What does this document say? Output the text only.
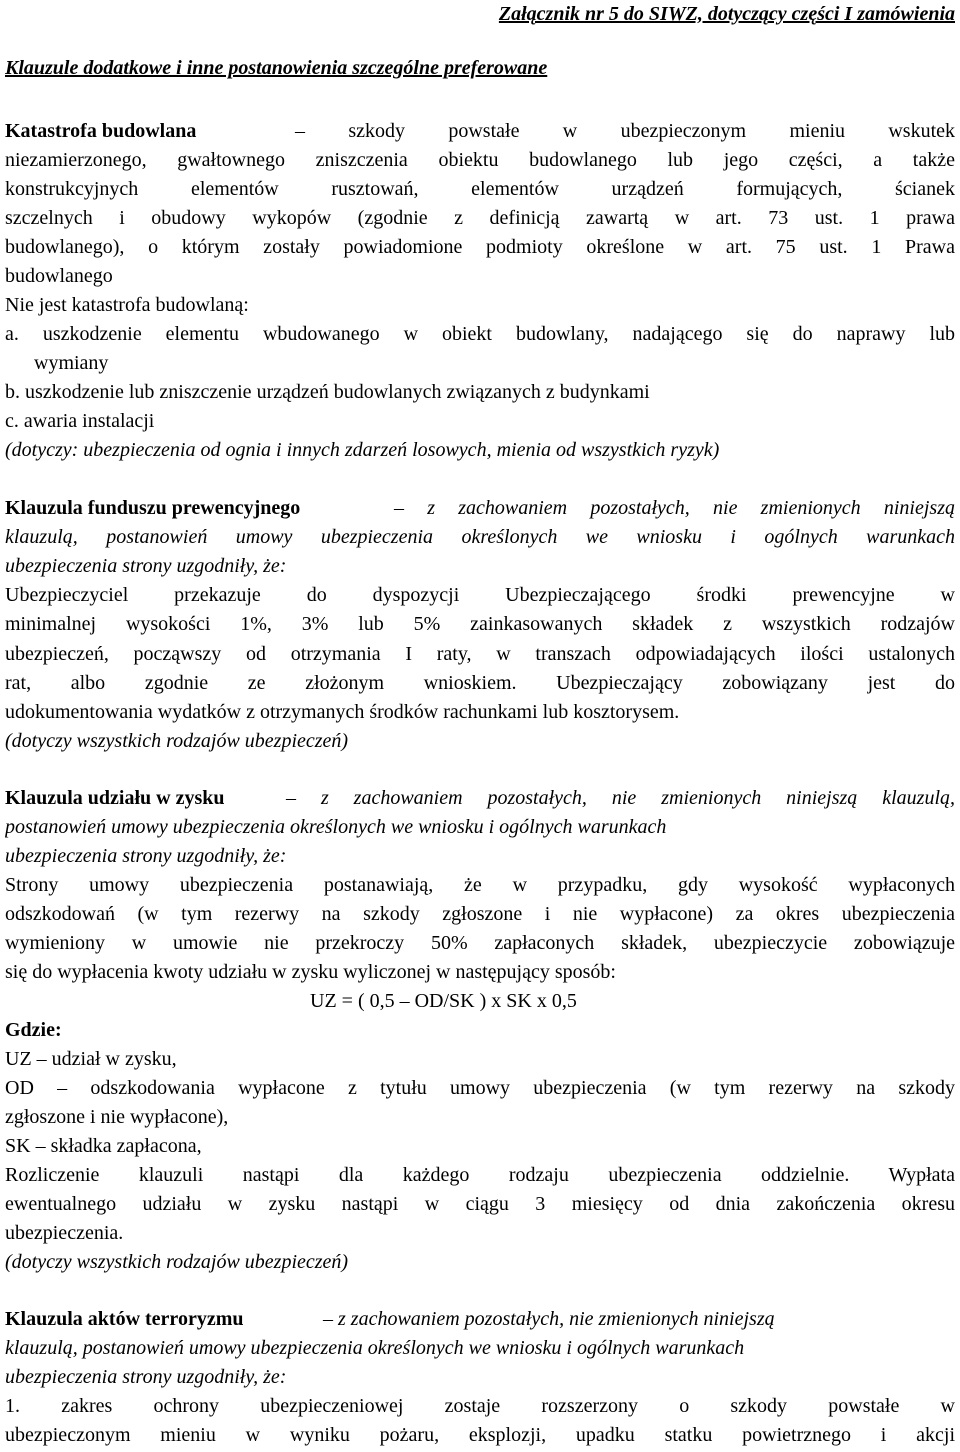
Załącznik nr 5 do SIWZ, dotyczący części I zamówienia
Klauzule dodatkowe i inne postanowienia szczególne preferowane
Katastrofa budowlana	– szkody powstałe w ubezpieczonym mieniu wskutek
niezamierzonego, gwałtownego zniszczenia obiektu budowlanego lub jego części, a także
konstrukcyjnych elementów rusztowań, elementów urządzeń formujących, ścianek
szczelnych i obudowy wykopów (zgodnie z definicją zawartą w art. 73 ust. 1 prawa
budowlanego), o którym zostały powiadomione podmioty określone w art. 75 ust. 1 Prawa
budowlanego
Nie jest katastrofa budowlaną:
a. uszkodzenie elementu wbudowanego w obiekt budowlany, nadającego się do naprawy lub
wymiany
b. uszkodzenie lub zniszczenie urządzeń budowlanych związanych z budynkami
c. awaria instalacji
(dotyczy: ubezpieczenia od ognia i innych zdarzeń losowych, mienia od wszystkich ryzyk)
Klauzula funduszu prewencyjnego	– z zachowaniem pozostałych, nie zmienionych niniejszą
klauzulą, postanowień umowy ubezpieczenia określonych we wniosku i ogólnych warunkach
ubezpieczenia strony uzgodniły, że:
Ubezpieczyciel przekazuje do dyspozycji Ubezpieczającego środki prewencyjne w
minimalnej wysokości 1%, 3% lub 5% zainkasowanych składek z wszystkich rodzajów
ubezpieczeń, począwszy od otrzymania I raty, w transzach odpowiadających ilości ustalonych
rat, albo zgodnie ze złożonym wnioskiem. Ubezpieczający zobowiązany jest do
udokumentowania wydatków z otrzymanych środków rachunkami lub kosztorysem.
(dotyczy wszystkich rodzajów ubezpieczeń)
Klauzula udziału w zysku	– z zachowaniem pozostałych, nie zmienionych niniejszą klauzulą,
postanowień umowy ubezpieczenia określonych we wniosku i ogólnych warunkach
ubezpieczenia strony uzgodniły, że:
Strony umowy ubezpieczenia postanawiają, że w przypadku, gdy wysokość wypłaconych
odszkodowań (w tym rezerwy na szkody zgłoszone i nie wypłacone) za okres ubezpieczenia
wymieniony w umowie nie przekroczy 50% zapłaconych składek, ubezpieczycie zobowiązuje
się do wypłacenia kwoty udziału w zysku wyliczonej w następujący sposób:
UZ = ( 0,5 – OD/SK ) x SK x 0,5
Gdzie:
UZ – udział w zysku,
OD – odszkodowania wypłacone z tytułu umowy ubezpieczenia (w tym rezerwy na szkody
zgłoszone i nie wypłacone),
SK – składka zapłacona,
Rozliczenie klauzuli nastąpi dla każdego rodzaju ubezpieczenia oddzielnie. Wypłata
ewentualnego udziału w zysku nastąpi w ciągu 3 miesięcy od dnia zakończenia okresu
ubezpieczenia.
(dotyczy wszystkich rodzajów ubezpieczeń)
Klauzula aktów terroryzmu	– z zachowaniem pozostałych, nie zmienionych niniejszą
klauzulą, postanowień umowy ubezpieczenia określonych we wniosku i ogólnych warunkach
ubezpieczenia strony uzgodniły, że:
1. zakres ochrony ubezpieczeniowej zostaje rozszerzony o szkody powstałe w
ubezpieczonym mieniu w wyniku pożaru, eksplozji, upadku statku powietrznego i akcji
